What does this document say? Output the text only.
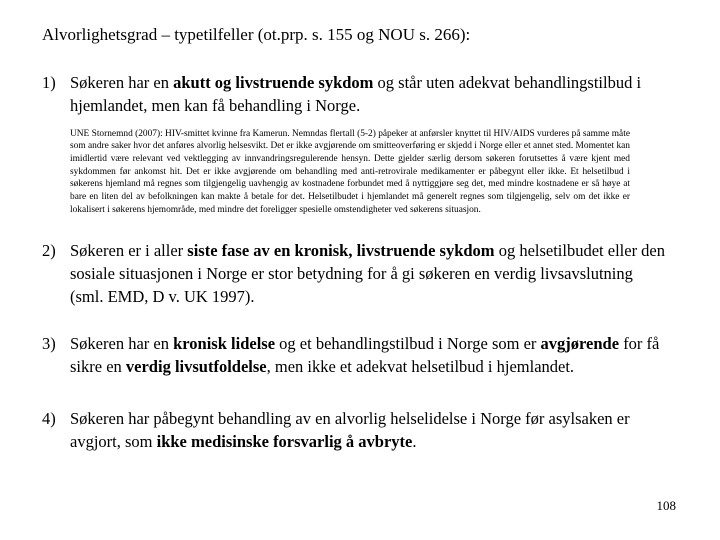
Alvorlighetsgrad – typetilfeller (ot.prp. s. 155 og NOU s. 266):
1) Søkeren har en akutt og livstruende sykdom og står uten adekvat behandlingstilbud i hjemlandet, men kan få behandling i Norge.

UNE Stornemnd (2007): HIV-smittet kvinne fra Kamerun. Nemndas flertall (5-2) påpeker at anførsler knyttet til HIV/AIDS vurderes på samme måte som andre saker hvor det anføres alvorlig helsesvikt. Det er ikke avgjørende om smitteoverføring er skjedd i Norge eller et annet sted. Momentet kan imidlertid være relevant ved vektlegging av innvandringsregulerende hensyn. Dette gjelder særlig dersom søkeren forutsettes å være kjent med sykdommen før ankomst hit. Det er ikke avgjørende om behandling med anti-retrovirale medikamenter er påbegynt eller ikke. Et helsetilbud i søkerens hjemland må regnes som tilgjengelig uavhengig av kostnadene forbundet med å nyttiggjøre seg det, med mindre kostnadene er så høye at bare en liten del av befolkningen kan makte å betale for det. Helsetilbudet i hjemlandet må generelt regnes som tilgjengelig, selv om det ikke er lokalisert i søkerens hjemområde, med mindre det foreligger spesielle omstendigheter ved søkerens situasjon.

2) Søkeren er i aller siste fase av en kronisk, livstruende sykdom og helsetilbudet eller den sosiale situasjonen i Norge er stor betydning for å gi søkeren en verdig livsavslutning (sml. EMD, D v. UK 1997).
3) Søkeren har en kronisk lidelse og et behandlingstilbud i Norge som er avgjørende for få sikre en verdig livsutfoldelse, men ikke et adekvat helsetilbud i hjemlandet.
4) Søkeren har påbegynt behandling av en alvorlig helselidelse i Norge før asylsaken er avgjort, som ikke medisinske forsvarlig å avbryte.
108
